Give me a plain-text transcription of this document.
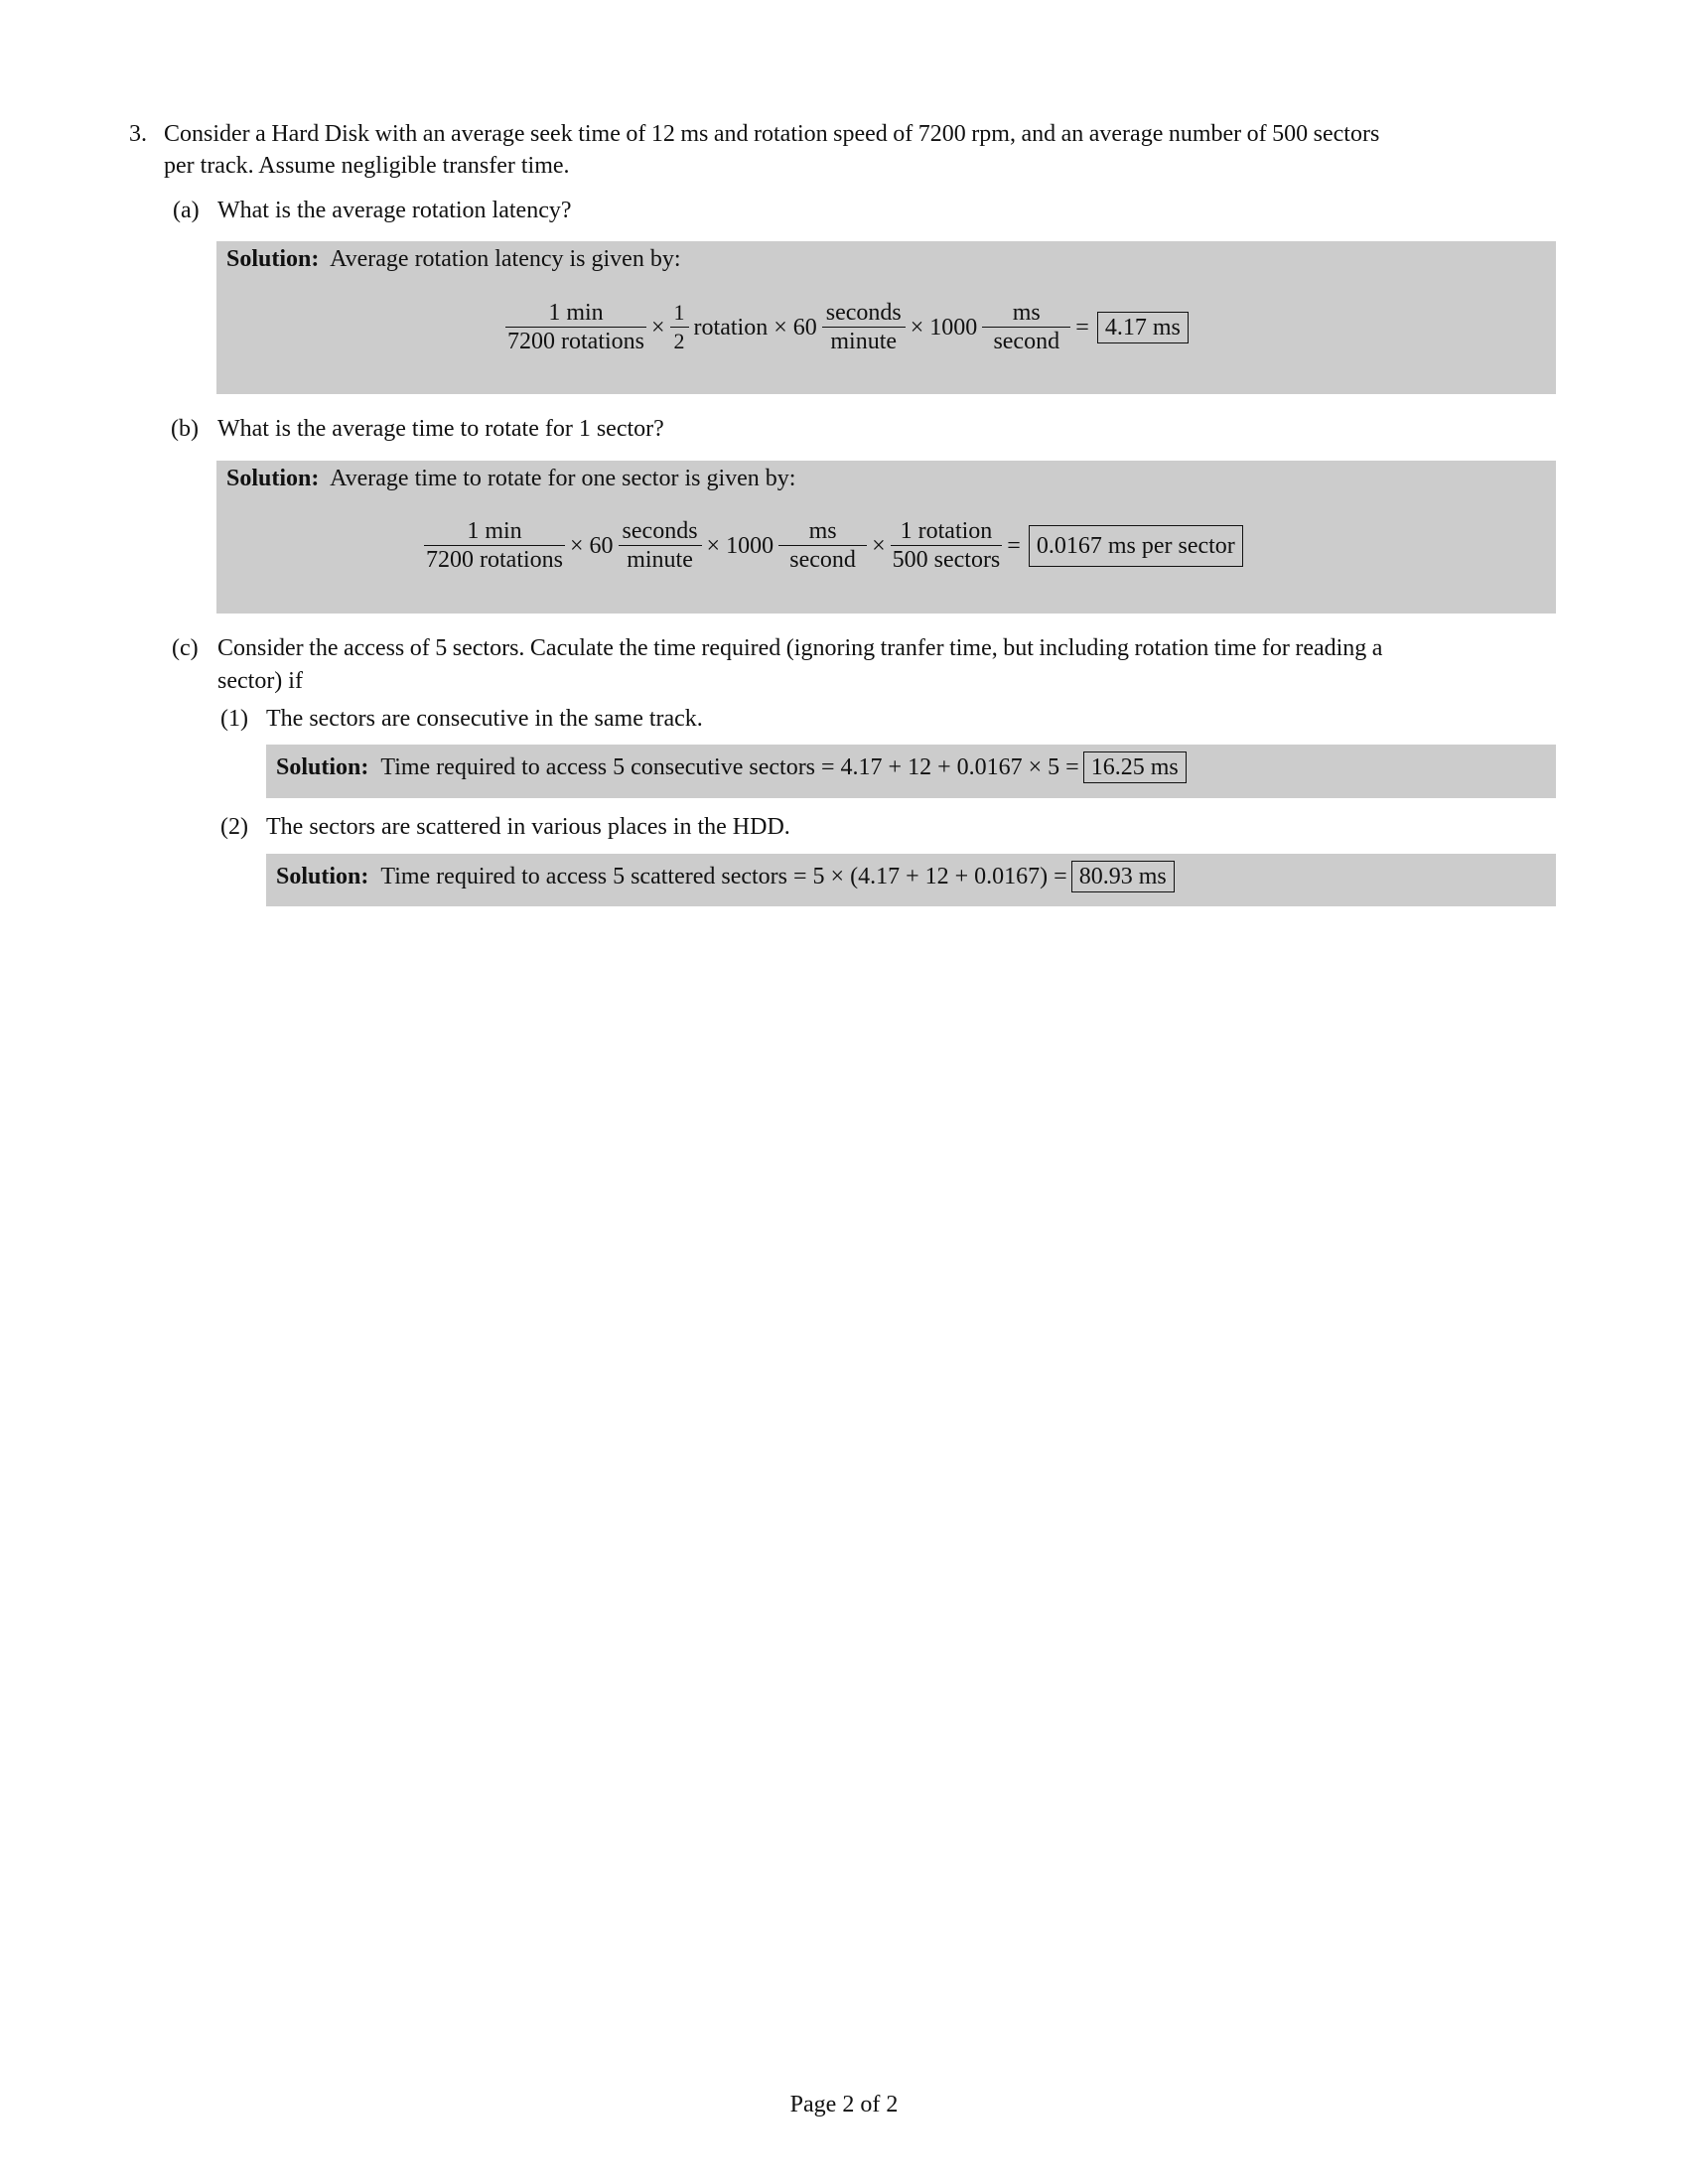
3. Consider a Hard Disk with an average seek time of 12 ms and rotation speed of 7200 rpm, and an average number of 500 sectors
per track. Assume negligible transfer time.
(a) What is the average rotation latency?
Solution: Average rotation latency is given by:
$\frac{1 \min}{\text{7200 rotations}} \times \frac{1}{2}$ rotation × $60 \frac{\text{seconds}}{\text{minute}} \times 1000 \frac{ms}{\text{second}} = 4.17$ ms
(b) What is the average time to rotate for 1 sector?
Solution: Average time to rotate for one sector is given by:
$\frac{1 \min}{\text{7200 rotations}} \times 60 \frac{\text{seconds}}{\text{minute}} \times 1000 \frac{ms}{\text{second}} \times \frac{\text{1 rotation}}{\text{500 sectors}} = 0.0167$ ms per sector
(c) Consider the access of 5 sectors. Caculate the time required (ignoring tranfer time, but including rotation time for reading a
sector) if
(1) The sectors are consecutive in the same track.
Solution:
Time required to access 5 consecutive sectors = 4.17 + 12 + 0.0167 × 5 = 16.25 ms
(2) The sectors are scattered in various places in the HDD.
Solution:
Time required to access 5 scattered sectors = 5 × (4.17 + 12 + 0.0167) = 80.93 ms
Page 2 of 2
